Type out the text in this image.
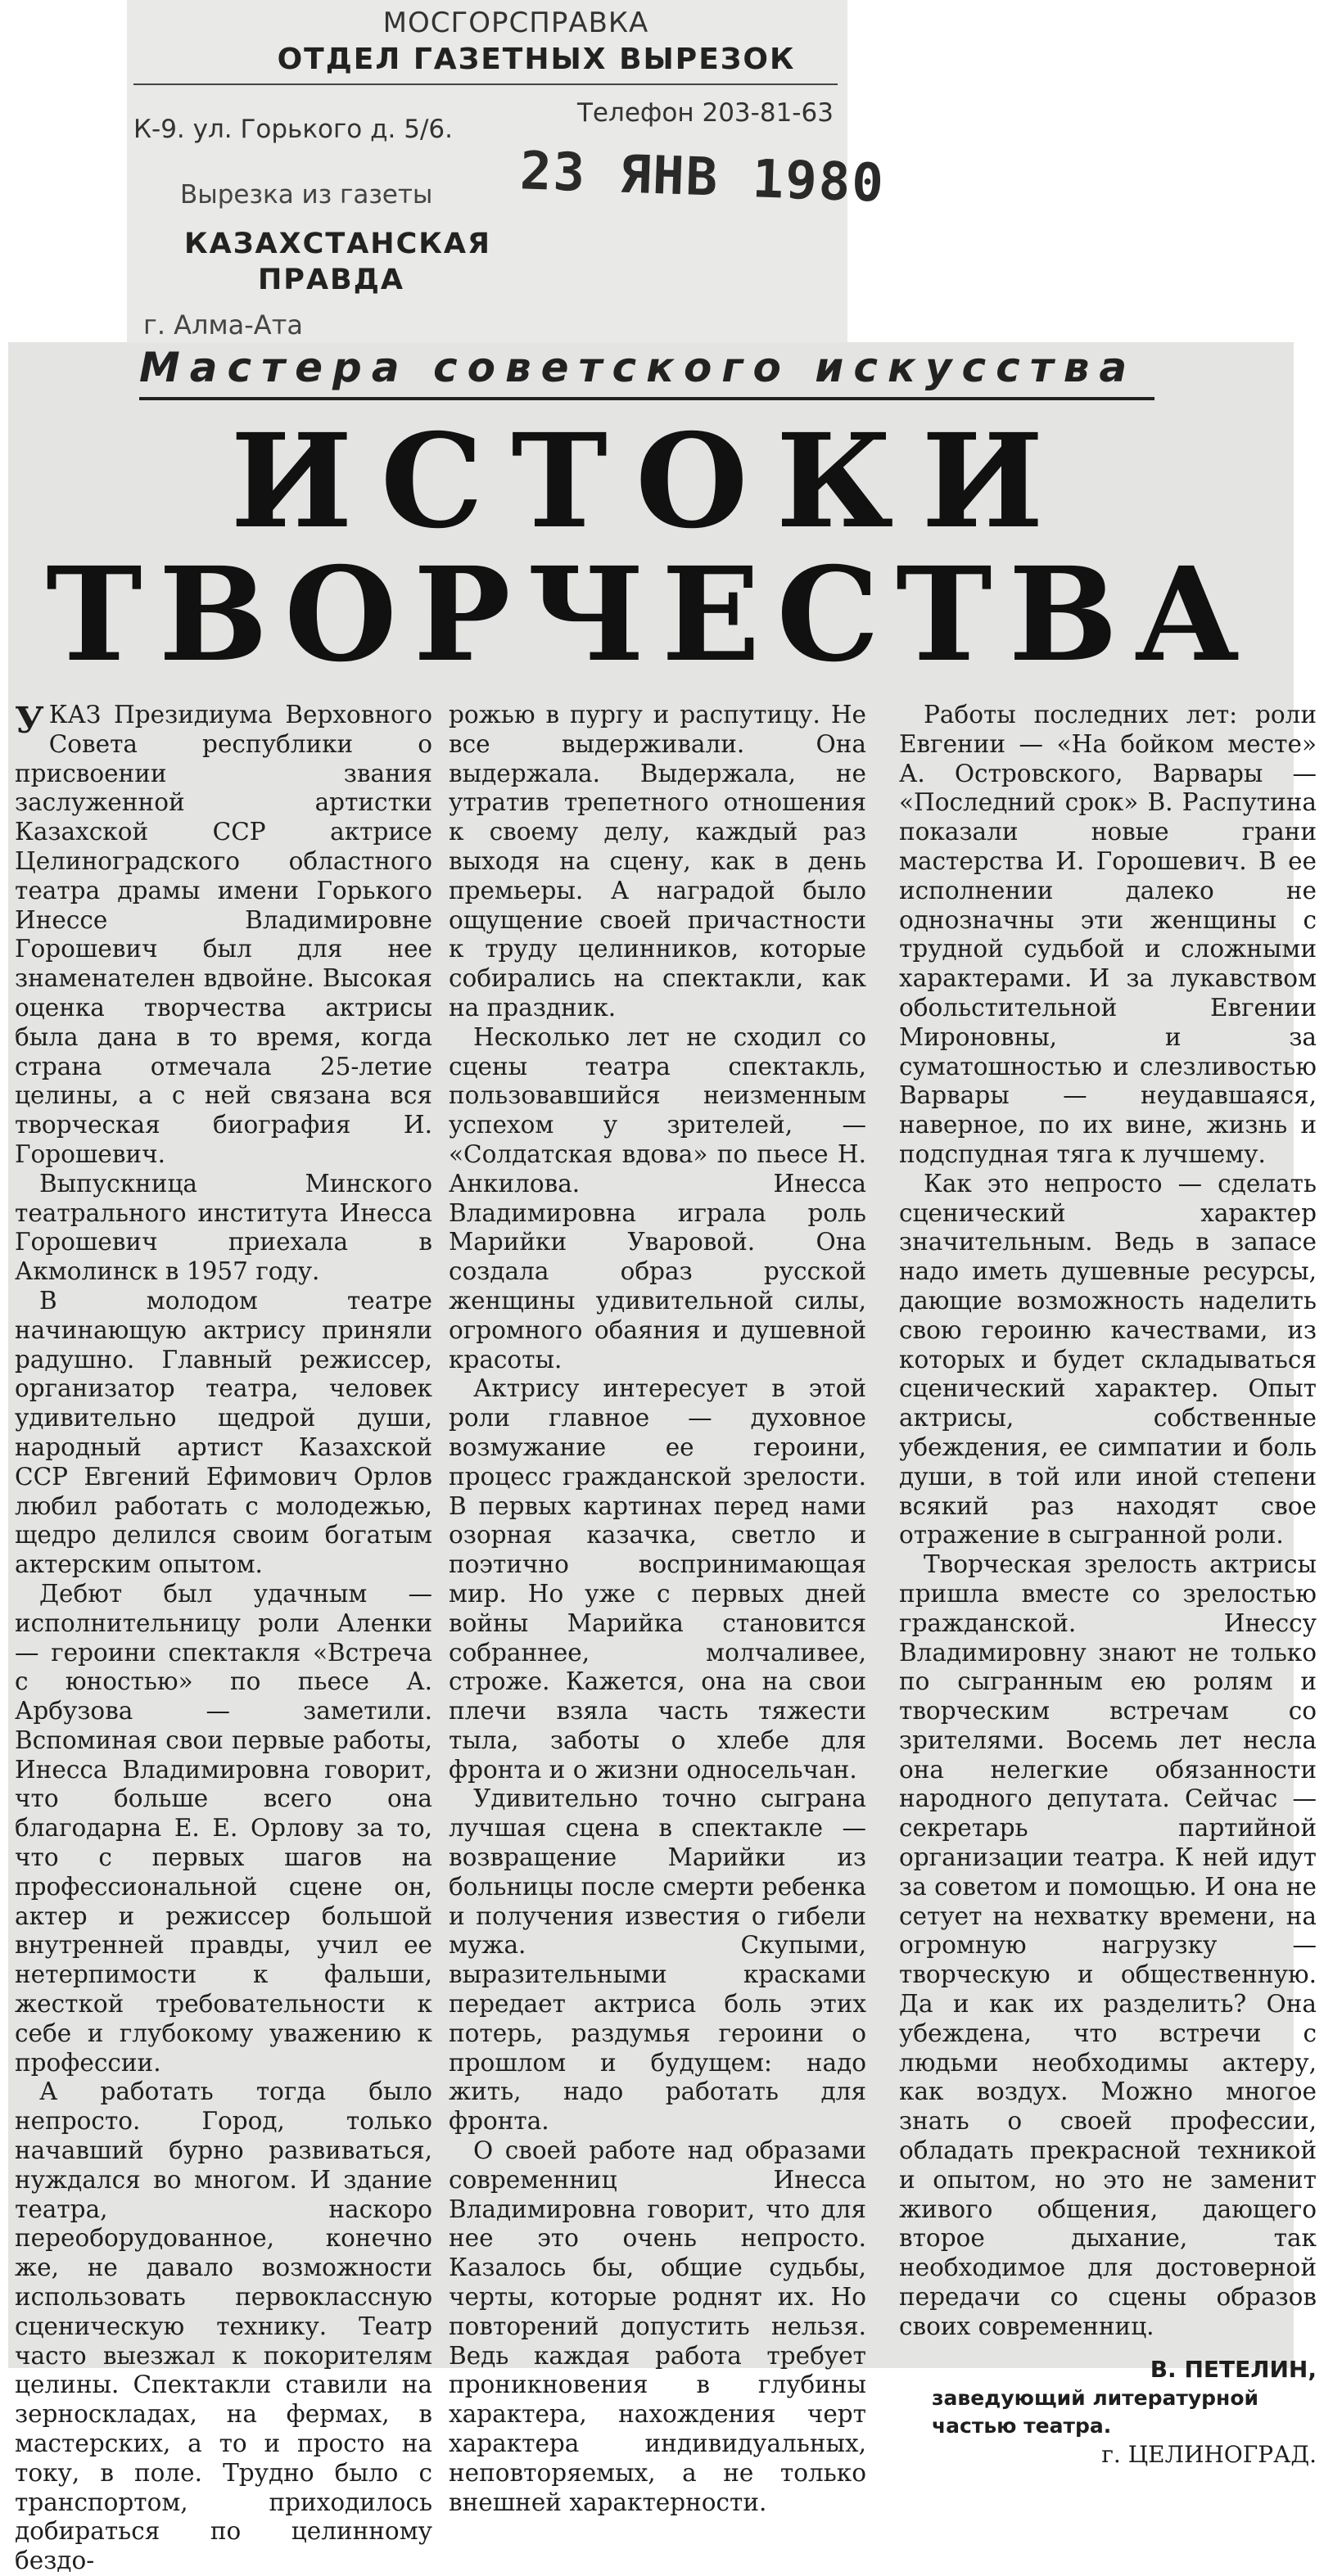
МОСГОРСПРАВКА
ОТДЕЛ ГАЗЕТНЫХ ВЫРЕЗОК
Телефон 203-81-63
К-9. ул. Горького д. 5/6.
23 ЯНВ 1980
Вырезка из газеты
КАЗАХСТАНСКАЯ
ПРАВДА
г. Алма-Ата
Мастера советского искусства
ИСТОКИ
ТВОРЧЕСТВА

У КАЗ Президиума Верховного Совета республики о присвоении звания заслуженной артистки Казахской ССР актрисе Целиноградского областного театра драмы имени Горького Инессе Владимировне Горошевич был для нее знаменателен вдвойне. Высокая оценка творчества актрисы была дана в то время, когда страна отмечала 25-летие целины, а с ней связана вся творческая биография И. Горошевич.

Выпускница Минского театрального института Инесса Горошевич приехала в Акмолинск в 1957 году.

В молодом театре начинающую актрису приняли радушно. Главный режиссер, организатор театра, человек удивительно щедрой души, народный артист Казахской ССР Евгений Ефимович Орлов любил работать с молодежью, щедро делился своим богатым актерским опытом.

Дебют был удачным — исполнительницу роли Аленки — героини спектакля «Встреча с юностью» по пьесе А. Арбузова — заметили. Вспоминая свои первые работы, Инесса Владимировна говорит, что больше всего она благодарна Е. Е. Орлову за то, что с первых шагов на профессиональной сцене он, актер и режиссер большой внутренней правды, учил ее нетерпимости к фальши, жесткой требовательности к себе и глубокому уважению к профессии.

А работать тогда было непросто. Город, только начавший бурно развиваться, нуждался во многом. И здание театра, наскоро переоборудованное, конечно же, не давало возможности использовать первоклассную сценическую технику. Театр часто выезжал к покорителям целины. Спектакли ставили на зерноскладах, на фермах, в мастерских, а то и просто на току, в поле. Трудно было с транспортом, приходилось добираться по целинному бездо-

рожью в пургу и распутицу. Не все выдерживали. Она выдержала. Выдержала, не утратив трепетного отношения к своему делу, каждый раз выходя на сцену, как в день премьеры. А наградой было ощущение своей причастности к труду целинников, которые собирались на спектакли, как на праздник.

Несколько лет не сходил со сцены театра спектакль, пользовавшийся неизменным успехом у зрителей, — «Солдатская вдова» по пьесе Н. Анкилова. Инесса Владимировна играла роль Марийки Уваровой. Она создала образ русской женщины удивительной силы, огромного обаяния и душевной красоты.

Актрису интересует в этой роли главное — духовное возмужание ее героини, процесс гражданской зрелости. В первых картинах перед нами озорная казачка, светло и поэтично воспринимающая мир. Но уже с первых дней войны Марийка становится собраннее, молчаливее, строже. Кажется, она на свои плечи взяла часть тяжести тыла, заботы о хлебе для фронта и о жизни односельчан.

Удивительно точно сыграна лучшая сцена в спектакле — возвращение Марийки из больницы после смерти ребенка и получения известия о гибели мужа. Скупыми, выразительными красками передает актриса боль этих потерь, раздумья героини о прошлом и будущем: надо жить, надо работать для фронта.

О своей работе над образами современниц Инесса Владимировна говорит, что для нее это очень непросто. Казалось бы, общие судьбы, черты, которые роднят их. Но повторений допустить нельзя. Ведь каждая работа требует проникновения в глубины характера, нахождения черт характера индивидуальных, неповторяемых, а не только внешней характерности.

Работы последних лет: роли Евгении — «На бойком месте» А. Островского, Варвары — «Последний срок» В. Распутина показали новые грани мастерства И. Горошевич. В ее исполнении далеко не однозначны эти женщины с трудной судьбой и сложными характерами. И за лукавством обольстительной Евгении Мироновны, и за суматошностью и слезливостью Варвары — неудавшаяся, наверное, по их вине, жизнь и подспудная тяга к лучшему.

Как это непросто — сделать сценический характер значительным. Ведь в запасе надо иметь душевные ресурсы, дающие возможность наделить свою героиню качествами, из которых и будет складываться сценический характер. Опыт актрисы, собственные убеждения, ее симпатии и боль души, в той или иной степени всякий раз находят свое отражение в сыгранной роли.

Творческая зрелость актрисы пришла вместе со зрелостью гражданской. Инессу Владимировну знают не только по сыгранным ею ролям и творческим встречам со зрителями. Восемь лет несла она нелегкие обязанности народного депутата. Сейчас — секретарь партийной организации театра. К ней идут за советом и помощью. И она не сетует на нехватку времени, на огромную нагрузку — творческую и общественную. Да и как их разделить? Она убеждена, что встречи с людьми необходимы актеру, как воздух. Можно многое знать о своей профессии, обладать прекрасной техникой и опытом, но это не заменит живого общения, дающего второе дыхание, так необходимое для достоверной передачи со сцены образов своих современниц.

В. ПЕТЕЛИН,

заведующий литературной частью театра.

г. ЦЕЛИНОГРАД.
